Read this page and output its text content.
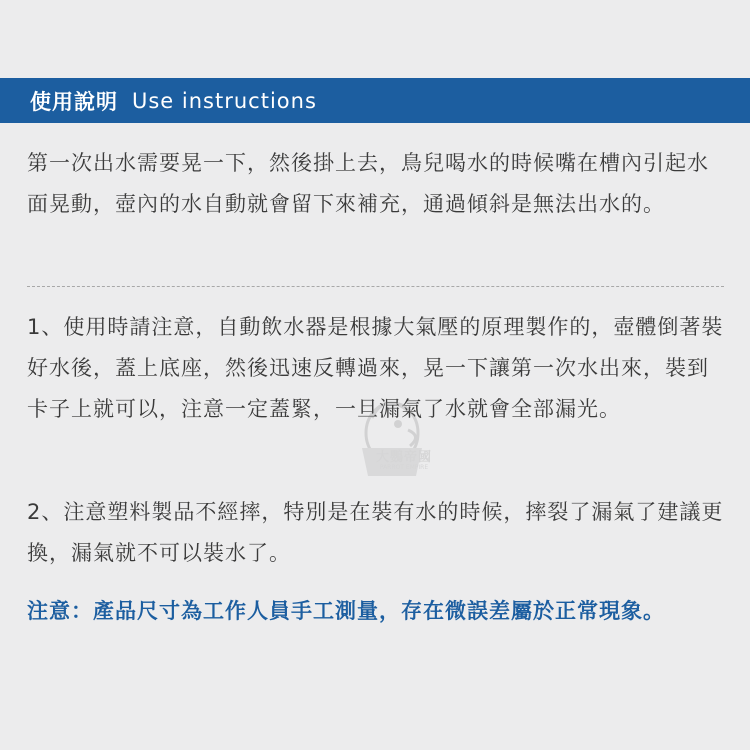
使用說明 Use instructions

第一次出水需要晃一下，然後掛上去，鳥兒喝水的時候嘴在槽內引起水面晃動，壺內的水自動就會留下來補充，通過傾斜是無法出水的。

1、使用時請注意，自動飲水器是根據大氣壓的原理製作的，壺體倒著裝好水後，蓋上底座，然後迅速反轉過來，晃一下讓第一次水出來，裝到卡子上就可以，注意一定蓋緊，一旦漏氣了水就會全部漏光。

2、注意塑料製品不經摔，特別是在裝有水的時候，摔裂了漏氣了建議更換，漏氣就不可以裝水了。

注意：產品尺寸為工作人員手工測量，存在微誤差屬於正常現象。

大鸚帝國
PARROT EMPIRE
